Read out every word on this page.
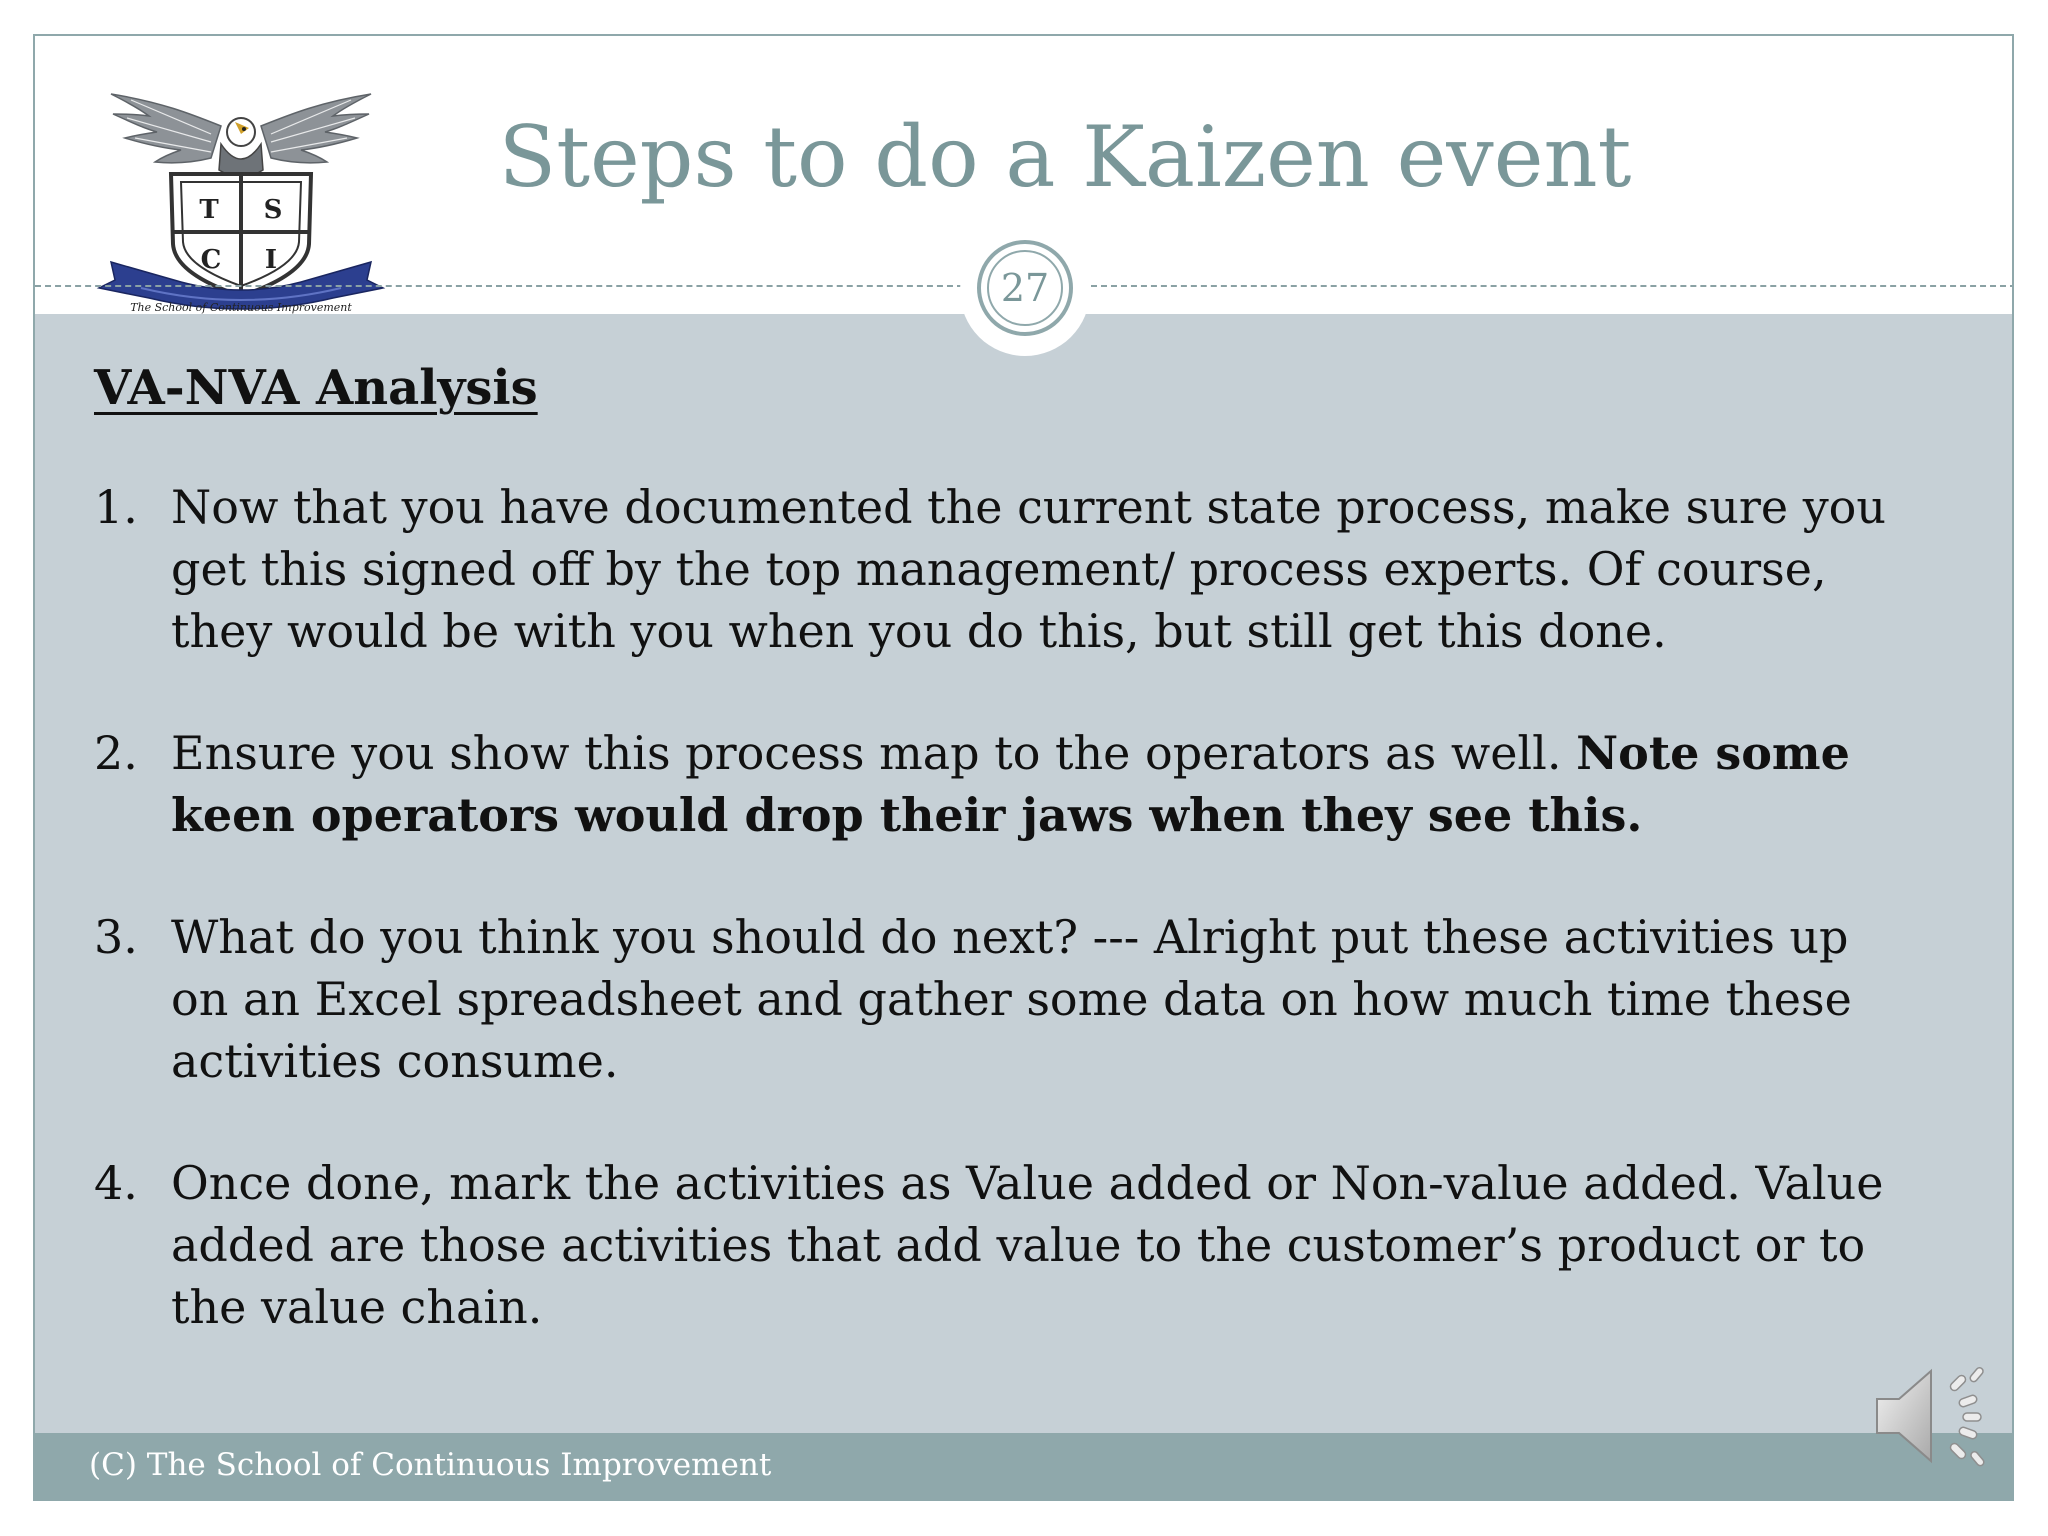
T S
C I
The School of Continuous Improvement
Steps to do a Kaizen event
27
VA-NVA Analysis
1. Now that you have documented the current state process, make sure you get this signed off by the top management/ process experts. Of course, they would be with you when you do this, but still get this done.
2. Ensure you show this process map to the operators as well. Note some keen operators would drop their jaws when they see this.
3. What do you think you should do next? --- Alright put these activities up on an Excel spreadsheet and gather some data on how much time these activities consume.
4. Once done, mark the activities as Value added or Non-value added. Value added are those activities that add value to the customer’s product or to the value chain.
(C) The School of Continuous Improvement
